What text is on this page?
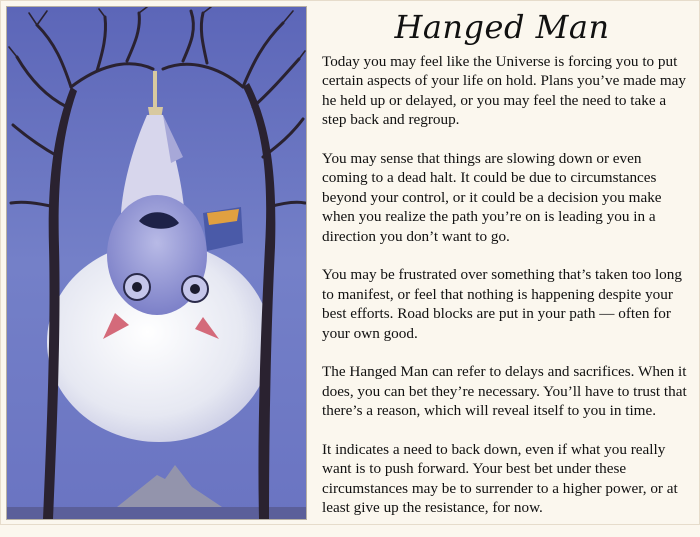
Hanged Man

Today you may feel like the Universe is forcing you to put certain aspects of your life on hold. Plans you’ve made may he held up or delayed, or you may feel the need to take a step back and regroup.

You may sense that things are slowing down or even coming to a dead halt. It could be due to circumstances beyond your control, or it could be a decision you make when you realize the path you’re on is leading you in a direction you don’t want to go.

You may be frustrated over something that’s taken too long to manifest, or feel that nothing is happening despite your best efforts. Road blocks are put in your path — often for your own good.

The Hanged Man can refer to delays and sacrifices. When it does, you can bet they’re necessary. You’ll have to trust that there’s a reason, which will reveal itself to you in time.

It indicates a need to back down, even if what you really want is to push forward. Your best bet under these circumstances may be to surrender to a higher power, or at least give up the resistance, for now.
